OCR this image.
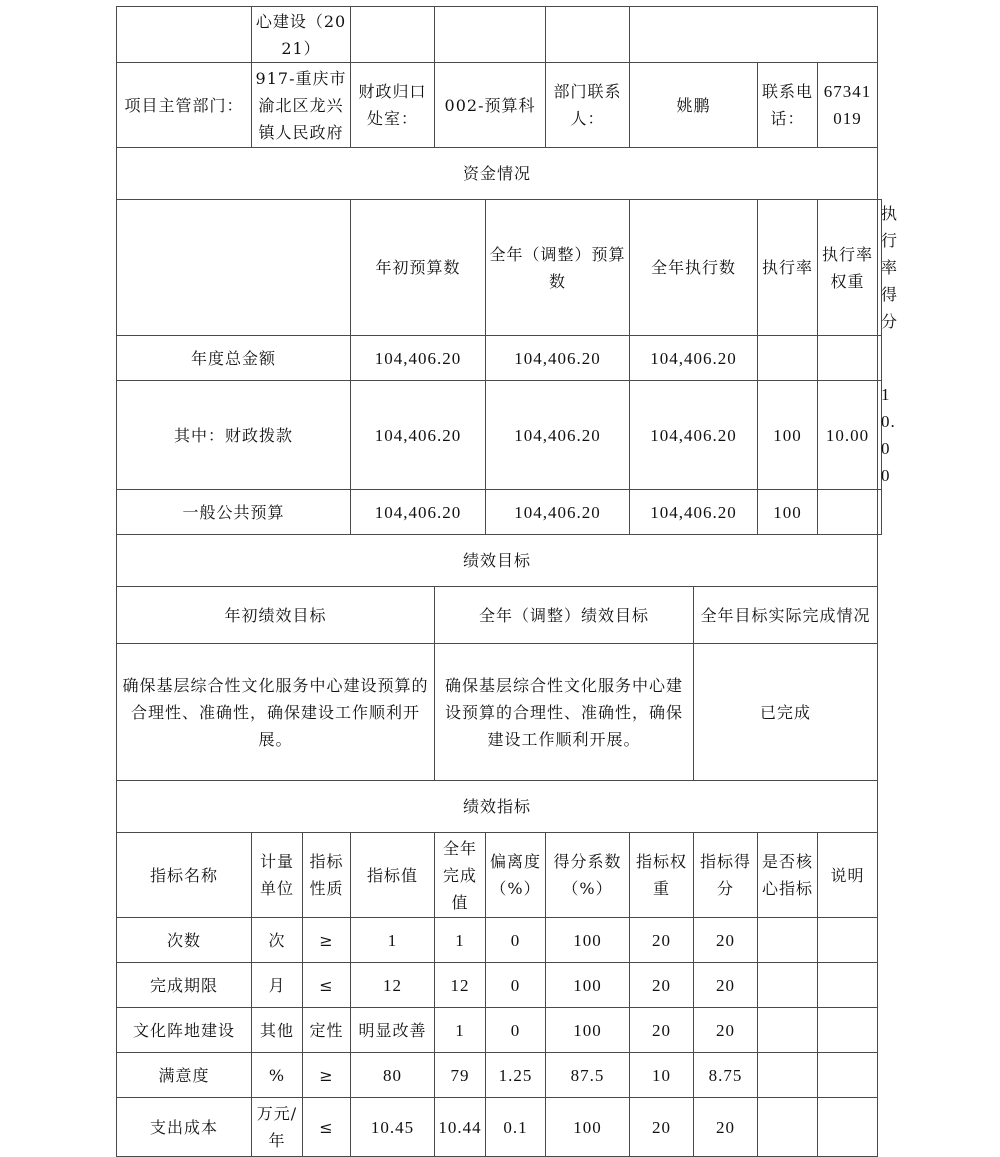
	心建设（2021）										
项目主管部门：	917-重庆市渝北区龙兴镇人民政府		财政归口处室：	002-预算科		部门联系人：	姚鹏		联系电话：	67341019	
资金情况											
			年初预算数		全年（调整）预算数		全年执行数		执行率	执行率权重	执行率得分
年度总金额			104,406.20		104,406.20		104,406.20				
其中：财政拨款			104,406.20		104,406.20		104,406.20		100	10.00	10.00
一般公共预算			104,406.20		104,406.20		104,406.20		100		
绩效目标											
年初绩效目标				全年（调整）绩效目标				全年目标实际完成情况			
确保基层综合性文化服务中心建设预算的合理性、准确性，确保建设工作顺利开展。				确保基层综合性文化服务中心建设预算的合理性、准确性，确保建设工作顺利开展。				已完成			
绩效指标											
指标名称	计量单位	指标性质	指标值	全年完成值	偏离度（%）	得分系数（%）	指标权重	指标得分	是否核心指标	说明	
次数	次	≥	1	1	0	100	20	20			
完成期限	月	≤	12	12	0	100	20	20			
文化阵地建设	其他	定性	明显改善	1	0	100	20	20			
满意度	%	≥	80	79	1.25	87.5	10	8.75			
支出成本	万元/年	≤	10.45	10.44	0.1	100	20	20			
